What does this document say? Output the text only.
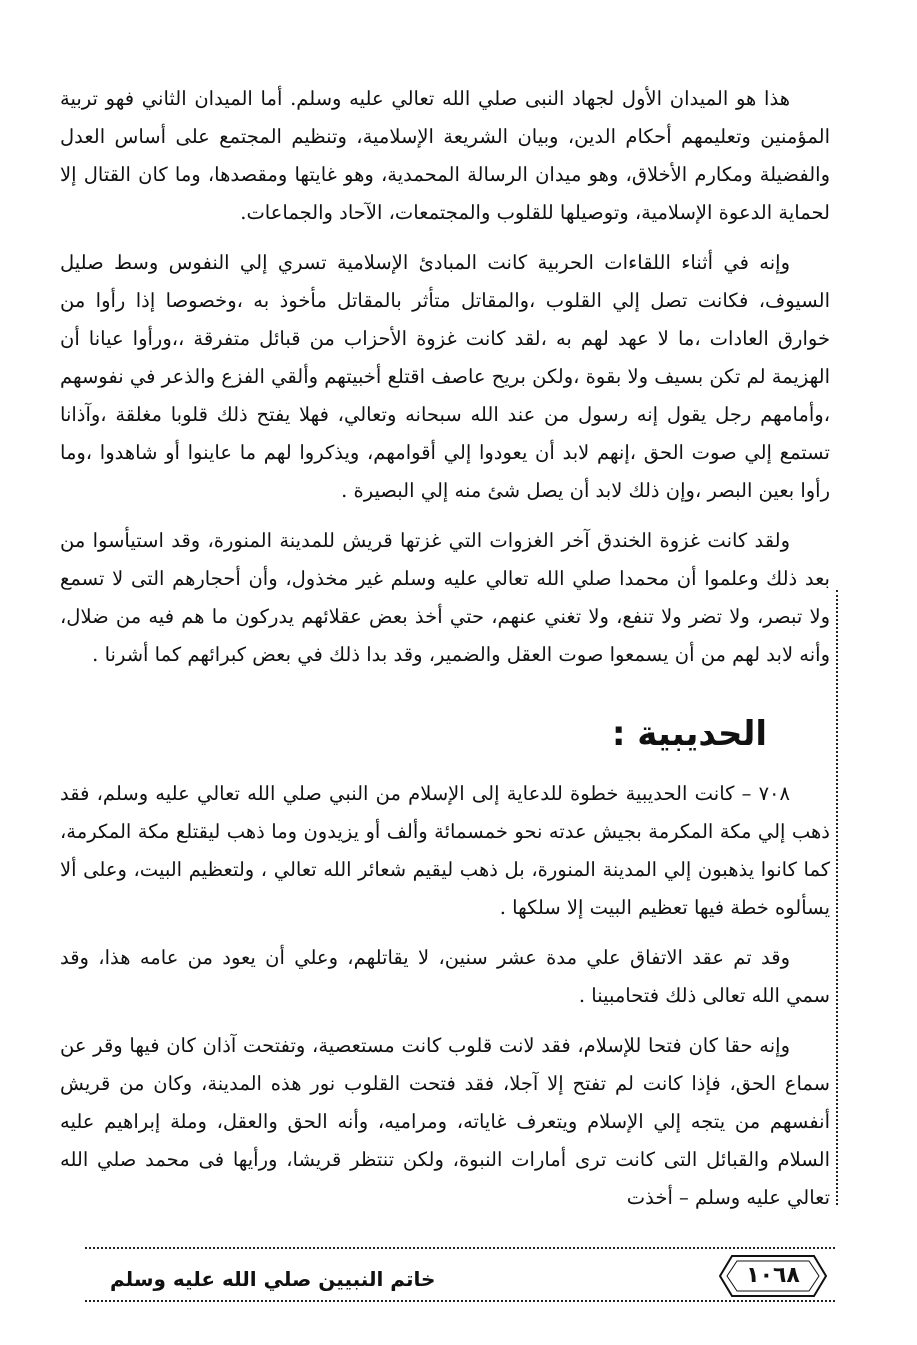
هذا هو الميدان الأول لجهاد النبى صلي الله تعالي عليه وسلم. أما الميدان الثاني فهو تربية المؤمنين وتعليمهم أحكام الدين، وبيان الشريعة الإسلامية، وتنظيم المجتمع على أساس العدل والفضيلة ومكارم الأخلاق، وهو ميدان الرسالة المحمدية، وهو غايتها ومقصدها، وما كان القتال إلا لحماية الدعوة الإسلامية، وتوصيلها للقلوب والمجتمعات، الآحاد والجماعات.

وإنه في أثناء اللقاءات الحربية كانت المبادئ الإسلامية تسري إلي النفوس وسط صليل السيوف، فكانت تصل إلي القلوب ،والمقاتل متأثر بالمقاتل مأخوذ به ،وخصوصا إذا رأوا من خوارق العادات ،ما لا عهد لهم به ،لقد كانت غزوة الأحزاب من قبائل متفرقة ،،ورأوا عيانا أن الهزيمة لم تكن بسيف ولا بقوة ،ولكن بريح عاصف اقتلع أخبيتهم وألقي الفزع والذعر في نفوسهم ،وأمامهم رجل يقول إنه رسول من عند الله سبحانه وتعالي، فهلا يفتح ذلك قلوبا مغلقة ،وآذانا تستمع إلي صوت الحق ،إنهم لابد أن يعودوا إلي أقوامهم، ويذكروا لهم ما عاينوا أو شاهدوا ،وما رأوا بعين البصر ،وإن ذلك لابد أن يصل شئ منه إلي البصيرة .

ولقد كانت غزوة الخندق آخر الغزوات التي غزتها قريش للمدينة المنورة، وقد استيأسوا من بعد ذلك وعلموا أن محمدا صلي الله تعالي عليه وسلم غير مخذول، وأن أحجارهم التى لا تسمع ولا تبصر، ولا تضر ولا تنفع، ولا تغني عنهم، حتي أخذ بعض عقلائهم يدركون ما هم فيه من ضلال، وأنه لابد لهم من أن يسمعوا صوت العقل والضمير، وقد بدا ذلك في بعض كبرائهم كما أشرنا .

الحديبية :

٧٠٨ – كانت الحديبية خطوة للدعاية إلى الإسلام من النبي صلي الله تعالي عليه وسلم، فقد ذهب إلي مكة المكرمة بجيش عدته نحو خمسمائة وألف أو يزيدون وما ذهب ليقتلع مكة المكرمة، كما كانوا يذهبون إلي المدينة المنورة، بل ذهب ليقيم شعائر الله تعالي ، ولتعظيم البيت، وعلى ألا يسألوه خطة فيها تعظيم البيت إلا سلكها .

وقد تم عقد الاتفاق علي مدة عشر سنين، لا يقاتلهم، وعلي أن يعود من عامه هذا، وقد سمي الله تعالى ذلك فتحامبينا .

وإنه حقا كان فتحا للإسلام، فقد لانت قلوب كانت مستعصية، وتفتحت آذان كان فيها وقر عن سماع الحق، فإذا كانت لم تفتح إلا آجلا، فقد فتحت القلوب نور هذه المدينة، وكان من قريش أنفسهم من يتجه إلي الإسلام ويتعرف غاياته، ومراميه، وأنه الحق والعقل، وملة إبراهيم عليه السلام والقبائل التى كانت ترى أمارات النبوة، ولكن تنتظر قريشا، ورأيها فى محمد صلي الله تعالي عليه وسلم – أخذت

١٠٦٨
خاتم النبيين صلي الله عليه وسلم
